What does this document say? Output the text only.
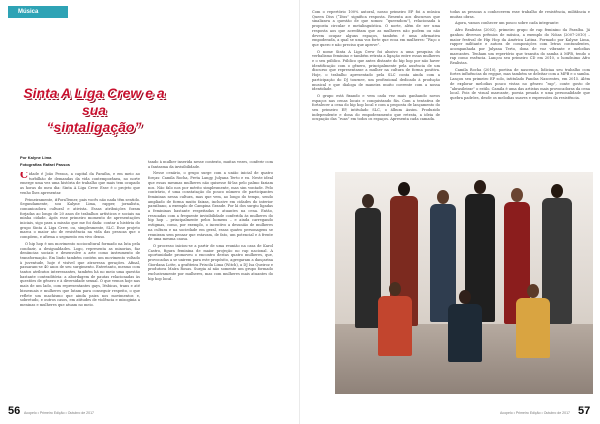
Música
Sinta A Liga Crew e a sua
“sintaligação”
Por Kalyne Lima
Fotografias Rafael Passos

Cidade é João Pessoa, a capital da Paraíba, e em meio ao turbilhão de demandas da vida contemporânea, no norte emerge uma vez uma história de trabalho que mais tem ocupado as horas do meu dia: Sinta A Liga Crew. Esse é o projeto que venho lhes apresentar.

Primeiramente, #ForaTemer, pais vocês não nada têm sentido. Segundamente, sou Kalyne Lima, rapper, jornalista, comunicadora cultural e ativista. Essas atribuições foram forjadas ao longo de 20 anos de trabalhos artísticos e sociais na minha cidade. Após esse primeiro momento de apresentações iniciais, sigo para a missão que me foi dada: contar a história do grupo Sinta A Liga Crew, ou, simplesmente, SLC. Esse projeto marca o maior ato de resistência na vida das pessoas que o compõem, e afirma o segmento em vivo denso.

O hip hop é um movimento sociocultural formado na luta pela conduzir, a desigualdades. Logo, representa as minorias, faz denúncias sociais e desenvolve a arte como instrumento de transformação. Em lindo também contém um movimento voltado à juventude, hoje é visível que atravessa gerações. Afinal, passaram-se 40 anos de seu surgimento. Entretanto, mesmo com tantos atributos interessantes, também há no meio uma questão bastante contraditória: a abordagem de pautas relacionadas às questões de gênero e à diversidade sexual. O que vemos hoje nas mais de um lado, com representantes gays, lésbicas, trans e até bissexuais e mulheres que lutam para conseguir respeito, o que reflete um machismo que ainda paira nos movimentos e, sobretudo, e outros casos, em atitudes de violência e misoginia a meninas e mulheres que atuam no meio.

tando à mulher inserida nesse contexto, muitas vezes, conferir com a fantasma da invisibilidade.

Nesse cenário, o grupo surge com a união inicial de quatro forças: Camila Rocha, Preta Langy, Julyana Terto e eu. Neste ideal que essas mesmas mulheres não quisesse fá-las pelo palmo faziam nos. Não falo nos por mérito simplesmente, mas sim vontade. Pelo contrário, é uma constatação do pouco número de participantes femininas nessa cultura, mas que vem, ao longo do tempo, sendo ampliado de forma muito faixas, inclusive em cidades do interior paraibano, a exemplo de Campina Grande. Por lá dos surgiu ligadas a femininas bastante respeitadas e atuantes na cena. Então, ressoadas com a frequente invisibilidade conferida às mulheres do hip hop – principalmente pelos homens – e ainda carregando estigmas, como, por exemplo, o incentivo a desunião de mulheres na cultura e na sociedade em geral, essas quatro personagens se reuniram sem pensar que estavam, de fato, um potencial e à frente de uma mesma causa.

O processo iniciou-se a partir de uma reunião na casa de Karol Castro, figura feminina de maior projeção no rap nacional. A oportunidade promoveu o encontro destas quatro mulheres, que, provocadas a se unirem para este propósito, agregaram a dançarina Giordana Lotte, a grafiteira Priscila Lima (Witch), a DJ Isa Queiroz e produtora Maíra Rosas. Surgia aí não somente um grupo formado exclusivamente por mulheres, mas com mulheres mais atuantes do hip hop local.

56 Acopelo • Primeiro Edição • Outubro de 2017

Com o repertório 100% autoral, nosso primeiro EP foi a música Queen Diss (“Diss” significa resposta. Resenta aos discursos que sinalizava a questão de que somos: “queendom”), relacionada à proposta circular e metalinguística. O norte, além de ser uma resposta aos que acreditam que as mulheres não podem ou não devem ocupar alguns espaços, também é uma afirmativa empoderada, a qual se uma voz forte que ecoa em mulheres: “Faço o que quero e não preciso que aprove”.

O nome Sinta A Liga Crew foi alusivo a uma pesquisa do verbalismo feminino e também retrata a ligação entre essas mulheres e o seu público. Público que antes distante do hip hop por não haver identificação com o gênero, principalmente pela ausência de um discurso que representasse a mulher na cultura de forma positiva. Hoje, o trabalho apresentado pela SLC conta ainda com a participação do DJ tournee, um profissional dedicado à produção musical e que dialoga de maneira muito coerente com a nossa identidade.

O grupo está fixando e vem cada vez mais ganhando novos espaços nas cenas locais e conquistando fãs. Com a tentativa de fortalecer a cena do hip hop local e com a proposta de lançamento do seu primeiro EP, intitulado SLC, o álbum Assim. Produzido independente e dona do empoderamento que retrata, a ideia de ocupação das “ruas” em todos os espaços. Apresenta cada camada.

todas as pessoas a conhecerem esse trabalho de resistência, militância e muitas obras.

Agora, vamos conhecer um pouco sobre cada integrante:

Afro Realistas (2002), primeiro grupo de rap feminino da Paraíba. Já ganhou diversos prêmios de música, a exemplo do Nóias (2007-2010) – maior festival de Hip Hop da América Latina. Formado por Kalyne Lima, rapper militante e autora de composições com letras contundentes, acompanhada por Julyana Terto, dona de voz vibrante e melodias marcantes. Tenham um repertório que transita do samba à MPB, tendo o rap como essência. Lançou seu primeiro CD em 2010, o homônimo Afro Realistas.

Camila Rocha (2010), poetisa de nascença, lidiciaa seu trabalho com fortes influências do reggae, mas também se deleitar com a MPB e o samba. Lançou seu primeiro EP solo, intitulado Pandas Nascentes, em 2015. Além de explorar melodias pouco vistas no gênero “rap”, conte gosto de “abrasileirar” o estilo. Camila é uma das artistas mais provocadoras da cena local. Pois de visual marcante, poesia pesada e uma personalidade que quebra padrões, desde os melodias suaves e expressões da resistência.

Acopelo • Primeiro Edição • Outubro de 2017 57
